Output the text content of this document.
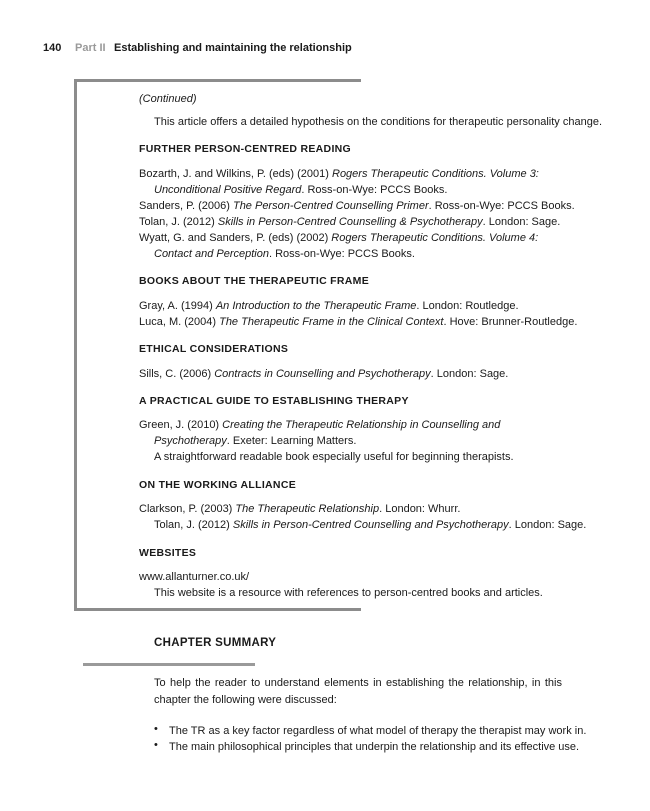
140 Part II Establishing and maintaining the relationship
(Continued)
This article offers a detailed hypothesis on the conditions for therapeutic personality change.
FURTHER PERSON-CENTRED READING
Bozarth, J. and Wilkins, P. (eds) (2001) Rogers Therapeutic Conditions. Volume 3:
Unconditional Positive Regard. Ross-on-Wye: PCCS Books.
Sanders, P. (2006) The Person-Centred Counselling Primer. Ross-on-Wye: PCCS Books.
Tolan, J. (2012) Skills in Person-Centred Counselling & Psychotherapy. London: Sage.
Wyatt, G. and Sanders, P. (eds) (2002) Rogers Therapeutic Conditions. Volume 4:
Contact and Perception. Ross-on-Wye: PCCS Books.
BOOKS ABOUT THE THERAPEUTIC FRAME
Gray, A. (1994) An Introduction to the Therapeutic Frame. London: Routledge.
Luca, M. (2004) The Therapeutic Frame in the Clinical Context. Hove: Brunner-Routledge.
ETHICAL CONSIDERATIONS
Sills, C. (2006) Contracts in Counselling and Psychotherapy. London: Sage.
A PRACTICAL GUIDE TO ESTABLISHING THERAPY
Green, J. (2010) Creating the Therapeutic Relationship in Counselling and
Psychotherapy. Exeter: Learning Matters.
A straightforward readable book especially useful for beginning therapists.
ON THE WORKING ALLIANCE
Clarkson, P. (2003) The Therapeutic Relationship. London: Whurr.
Tolan, J. (2012) Skills in Person-Centred Counselling and Psychotherapy. London: Sage.
WEBSITES
www.allanturner.co.uk/
This website is a resource with references to person-centred books and articles.
CHAPTER SUMMARY
To help the reader to understand elements in establishing the relationship, in this chapter the following were discussed:
• The TR as a key factor regardless of what model of therapy the therapist may work in.
• The main philosophical principles that underpin the relationship and its effective use.
